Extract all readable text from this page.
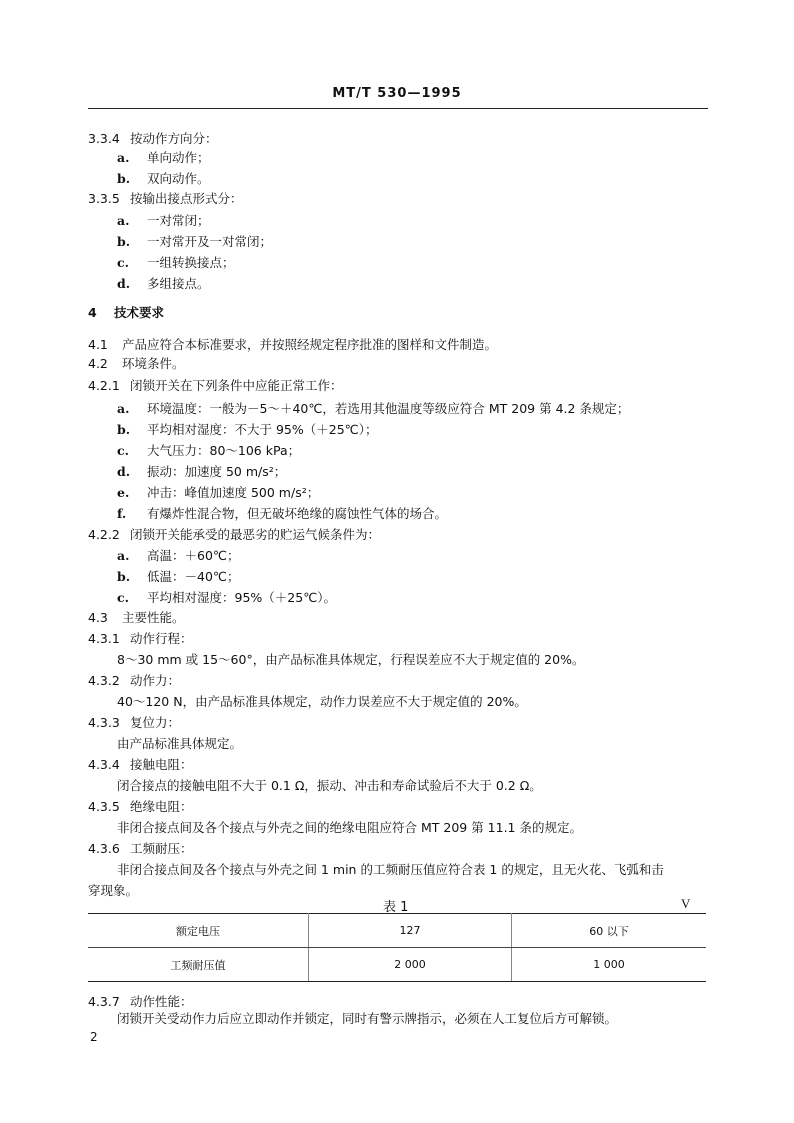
MT/T 530—1995
3.3.4 按动作方向分：
a. 单向动作；
b. 双向动作。
3.3.5 按输出接点形式分：
a. 一对常闭；
b. 一对常开及一对常闭；
c. 一组转换接点；
d. 多组接点。
4 技术要求
4.1 产品应符合本标准要求，并按照经规定程序批准的图样和文件制造。
4.2 环境条件。
4.2.1 闭锁开关在下列条件中应能正常工作：
a. 环境温度：一般为－5～＋40℃，若选用其他温度等级应符合 MT 209 第 4.2 条规定；
b. 平均相对湿度：不大于 95%（＋25℃）；
c. 大气压力：80～106 kPa；
d. 振动：加速度 50 m/s²；
e. 冲击：峰值加速度 500 m/s²；
f. 有爆炸性混合物，但无破坏绝缘的腐蚀性气体的场合。
4.2.2 闭锁开关能承受的最恶劣的贮运气候条件为：
a. 高温：＋60℃；
b. 低温：－40℃；
c. 平均相对湿度：95%（＋25℃）。
4.3 主要性能。
4.3.1 动作行程：
8～30 mm 或 15～60°，由产品标准具体规定，行程误差应不大于规定值的 20%。
4.3.2 动作力：
40～120 N，由产品标准具体规定，动作力误差应不大于规定值的 20%。
4.3.3 复位力：
由产品标准具体规定。
4.3.4 接触电阻：
闭合接点的接触电阻不大于 0.1 Ω，振动、冲击和寿命试验后不大于 0.2 Ω。
4.3.5 绝缘电阻：
非闭合接点间及各个接点与外壳之间的绝缘电阻应符合 MT 209 第 11.1 条的规定。
4.3.6 工频耐压：
非闭合接点间及各个接点与外壳之间 1 min 的工频耐压值应符合表 1 的规定，且无火花、飞弧和击
穿现象。
表 1	V
额定电压	127	60 以下
工频耐压值	2 000	1 000
4.3.7 动作性能：
闭锁开关受动作力后应立即动作并锁定，同时有警示牌指示，必须在人工复位后方可解锁。
2
